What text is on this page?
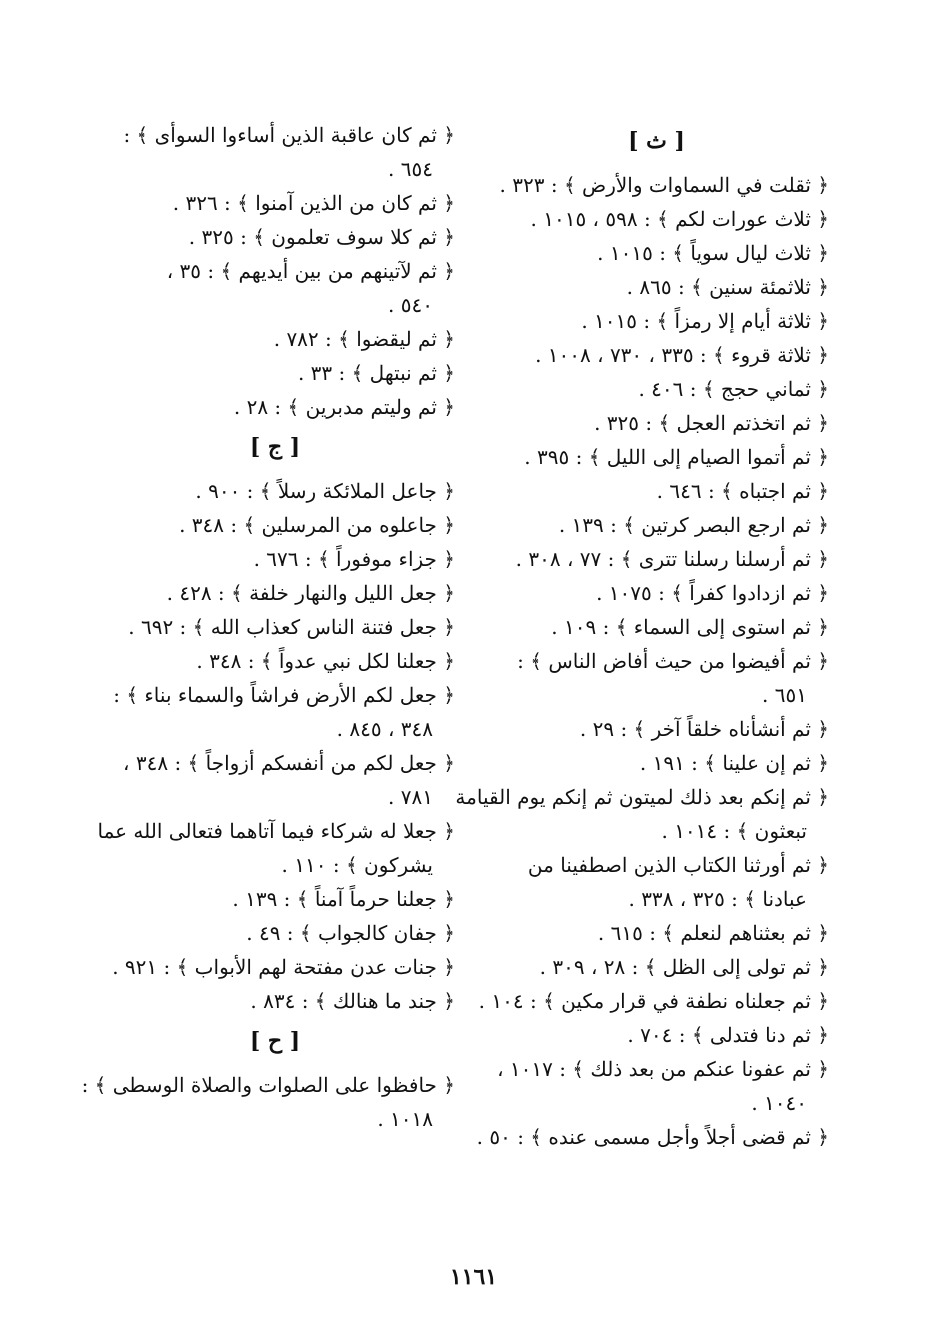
[ ث ]
﴿ ثقلت في السماوات والأرض ﴾ : ٣٢٣ .
﴿ ثلاث عورات لكم ﴾ : ٥٩٨ ، ١٠١٥ .
﴿ ثلاث ليال سوياً ﴾ : ١٠١٥ .
﴿ ثلاثمئة سنين ﴾ : ٨٦٥ .
﴿ ثلاثة أيام إلا رمزاً ﴾ : ١٠١٥ .
﴿ ثلاثة قروء ﴾ : ٣٣٥ ، ٧٣٠ ، ١٠٠٨ .
﴿ ثماني حجج ﴾ : ٤٠٦ .
﴿ ثم اتخذتم العجل ﴾ : ٣٢٥ .
﴿ ثم أتموا الصيام إلى الليل ﴾ : ٣٩٥ .
﴿ ثم اجتباه ﴾ : ٦٤٦ .
﴿ ثم ارجع البصر كرتين ﴾ : ١٣٩ .
﴿ ثم أرسلنا رسلنا تترى ﴾ : ٧٧ ، ٣٠٨ .
﴿ ثم ازدادوا كفراً ﴾ : ١٠٧٥ .
﴿ ثم استوى إلى السماء ﴾ : ١٠٩ .
﴿ ثم أفيضوا من حيث أفاض الناس ﴾ :
٦٥١ .
﴿ ثم أنشأناه خلقاً آخر ﴾ : ٢٩ .
﴿ ثم إن علينا ﴾ : ١٩١ .
﴿ ثم إنكم بعد ذلك لميتون ثم إنكم يوم القيامة
تبعثون ﴾ : ١٠١٤ .
﴿ ثم أورثنا الكتاب الذين اصطفينا من
عبادنا ﴾ : ٣٢٥ ، ٣٣٨ .
﴿ ثم بعثناهم لنعلم ﴾ : ٦١٥ .
﴿ ثم تولى إلى الظل ﴾ : ٢٨ ، ٣٠٩ .
﴿ ثم جعلناه نطفة في قرار مكين ﴾ : ١٠٤ .
﴿ ثم دنا فتدلى ﴾ : ٧٠٤ .
﴿ ثم عفونا عنكم من بعد ذلك ﴾ : ١٠١٧ ،
١٠٤٠ .
﴿ ثم قضى أجلاً وأجل مسمى عنده ﴾ : ٥٠ .
﴿ ثم كان عاقبة الذين أساءوا السوأى ﴾ :
٦٥٤ .
﴿ ثم كان من الذين آمنوا ﴾ : ٣٢٦ .
﴿ ثم كلا سوف تعلمون ﴾ : ٣٢٥ .
﴿ ثم لآتينهم من بين أيديهم ﴾ : ٣٥ ،
٥٤٠ .
﴿ ثم ليقضوا ﴾ : ٧٨٢ .
﴿ ثم نبتهل ﴾ : ٣٣ .
﴿ ثم وليتم مدبرين ﴾ : ٢٨ .
[ ج ]
﴿ جاعل الملائكة رسلاً ﴾ : ٩٠٠ .
﴿ جاعلوه من المرسلين ﴾ : ٣٤٨ .
﴿ جزاء موفوراً ﴾ : ٦٧٦ .
﴿ جعل الليل والنهار خلفة ﴾ : ٤٢٨ .
﴿ جعل فتنة الناس كعذاب الله ﴾ : ٦٩٢ .
﴿ جعلنا لكل نبي عدواً ﴾ : ٣٤٨ .
﴿ جعل لكم الأرض فراشاً والسماء بناء ﴾ :
٣٤٨ ، ٨٤٥ .
﴿ جعل لكم من أنفسكم أزواجاً ﴾ : ٣٤٨ ،
٧٨١ .
﴿ جعلا له شركاء فيما آتاهما فتعالى الله عما
يشركون ﴾ : ١١٠ .
﴿ جعلنا حرماً آمناً ﴾ : ١٣٩ .
﴿ جفان كالجواب ﴾ : ٤٩ .
﴿ جنات عدن مفتحة لهم الأبواب ﴾ : ٩٢١ .
﴿ جند ما هنالك ﴾ : ٨٣٤ .
[ ح ]
﴿ حافظوا على الصلوات والصلاة الوسطى ﴾ :
١٠١٨ .
١١٦١
